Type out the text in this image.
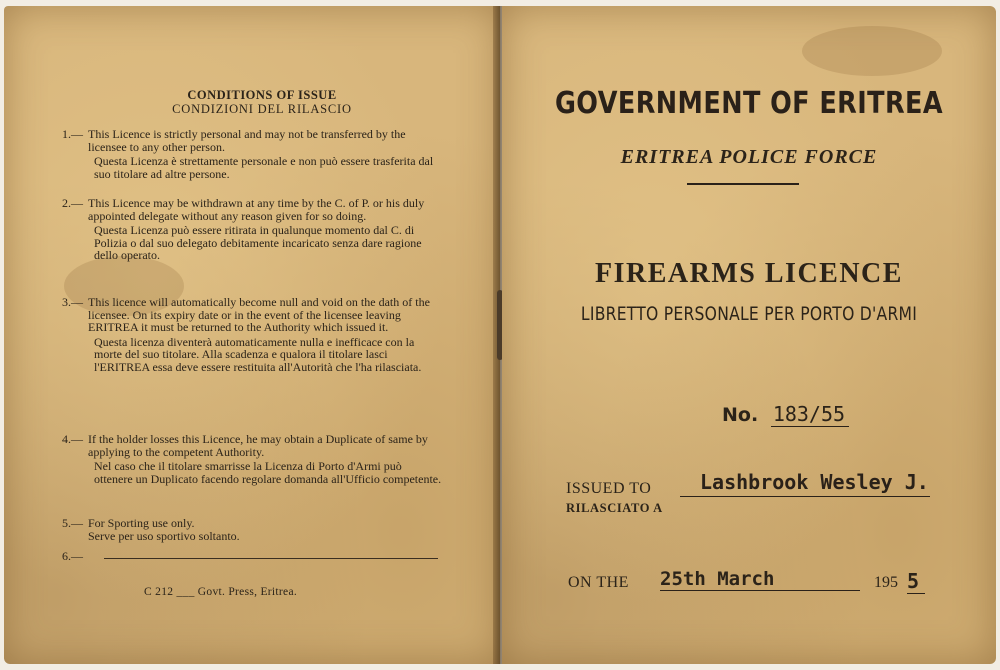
CONDITIONS OF ISSUE
CONDIZIONI DEL RILASCIO
1.— This Licence is strictly personal and may not be transferred by the licensee to any other person.
Questa Licenza è strettamente personale e non può essere trasferita dal suo titolare ad altre persone.
2.— This Licence may be withdrawn at any time by the C. of P. or his duly appointed delegate without any reason given for so doing.
Questa Licenza può essere ritirata in qualunque momento dal C. di Polizia o dal suo delegato debitamente incaricato senza dare ragione dello operato.
3.— This licence will automatically become null and void on the dath of the licensee. On its expiry date or in the event of the licensee leaving ERITREA it must be returned to the Authority which issued it.
Questa licenza diventerà automaticamente nulla e inefficace con la morte del suo titolare. Alla scadenza e qualora il titolare lasci l'ERITREA essa deve essere restituita all'Autorità che l'ha rilasciata.
4.— If the holder losses this Licence, he may obtain a Duplicate of same by applying to the competent Authority.
Nel caso che il titolare smarrisse la Licenza di Porto d'Armi può ottenere un Duplicato facendo regolare domanda all'Ufficio competente.
5.— For Sporting use only.
Serve per uso sportivo soltanto.
6.—
C 212 ___ Govt. Press, Eritrea.
GOVERNMENT OF ERITREA
ERITREA POLICE FORCE
FIREARMS LICENCE
LIBRETTO PERSONALE PER PORTO D'ARMI
No. 183/55
ISSUED TO
RILASCIATO A
Lashbrook Wesley J.
ON THE 25th March	195 5
